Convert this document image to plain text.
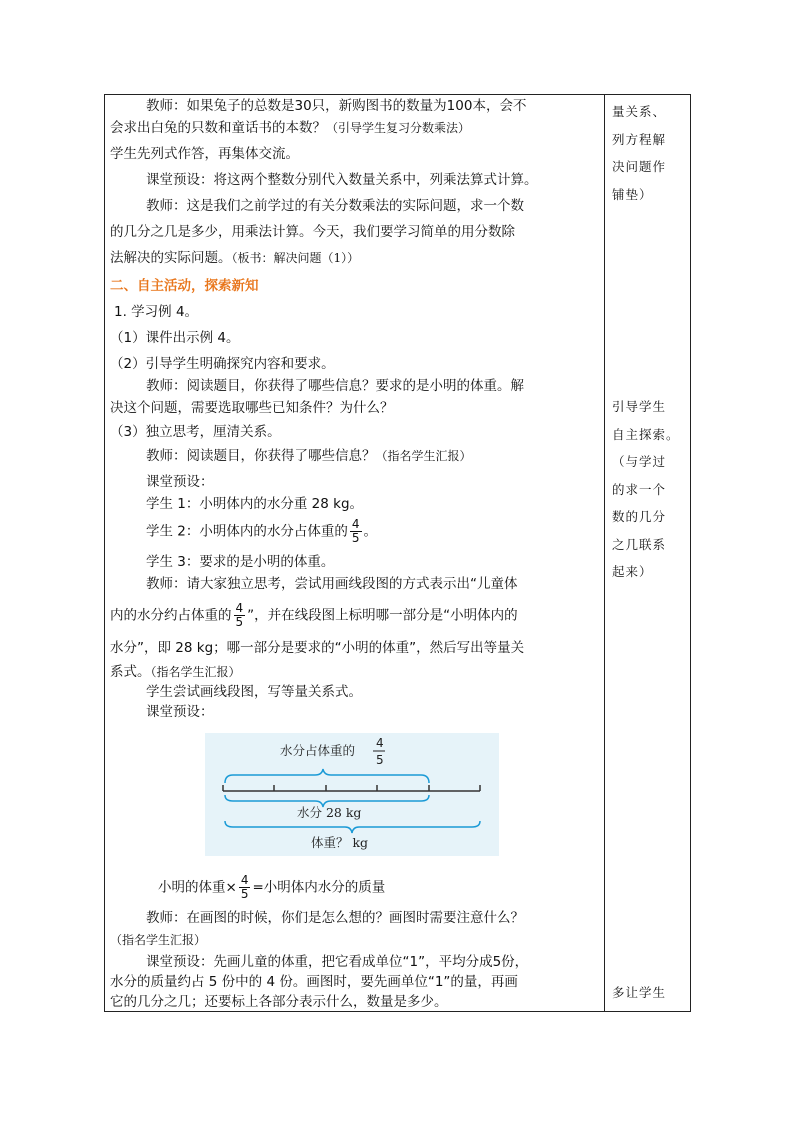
教师：如果兔子的总数是30只，新购图书的数量为100本，会不
会求出白兔的只数和童话书的本数？（引导学生复习分数乘法）
学生先列式作答，再集体交流。
课堂预设：将这两个整数分别代入数量关系中，列乘法算式计算。
教师：这是我们之前学过的有关分数乘法的实际问题，求一个数
的几分之几是多少，用乘法计算。今天，我们要学习简单的用分数除
法解决的实际问题。（板书：解决问题（1））
二、自主活动，探索新知
1. 学习例 4。
（1）课件出示例 4。
（2）引导学生明确探究内容和要求。
教师：阅读题目，你获得了哪些信息？要求的是小明的体重。解
决这个问题，需要选取哪些已知条件？为什么？
（3）独立思考，厘清关系。
教师：阅读题目，你获得了哪些信息？（指名学生汇报）
课堂预设：
学生 1：小明体内的水分重 28 kg。
学生 2：小明体内的水分占体重的 $\frac{4}{5}$ 。
学生 3：要求的是小明的体重。
教师：请大家独立思考，尝试用画线段图的方式表示出“儿童体
内的水分约占体重的 $\frac{4}{5}$ ”，并在线段图上标明哪一部分是“小明体内的
水分”，即 28 kg；哪一部分是要求的“小明的体重”，然后写出等量关
系式。（指名学生汇报）
学生尝试画线段图，写等量关系式。
课堂预设：
小明的体重× $\frac{4}{5}$ =小明体内水分的质量
教师：在画图的时候，你们是怎么想的？画图时需要注意什么？
（指名学生汇报）
课堂预设：先画儿童的体重，把它看成单位“1”，平均分成5份，
水分的质量约占 5 份中的 4 份。画图时，要先画单位“1”的量，再画
它的几分之几；还要标上各部分表示什么，数量是多少。
水分占体重的 4
5
水分 28 kg
体重？ kg
量关系、
列方程解
决问题作
铺垫）
引导学生
自主探索。
（与学过
的求一个
数的几分
之几联系
起来）
多让学生
